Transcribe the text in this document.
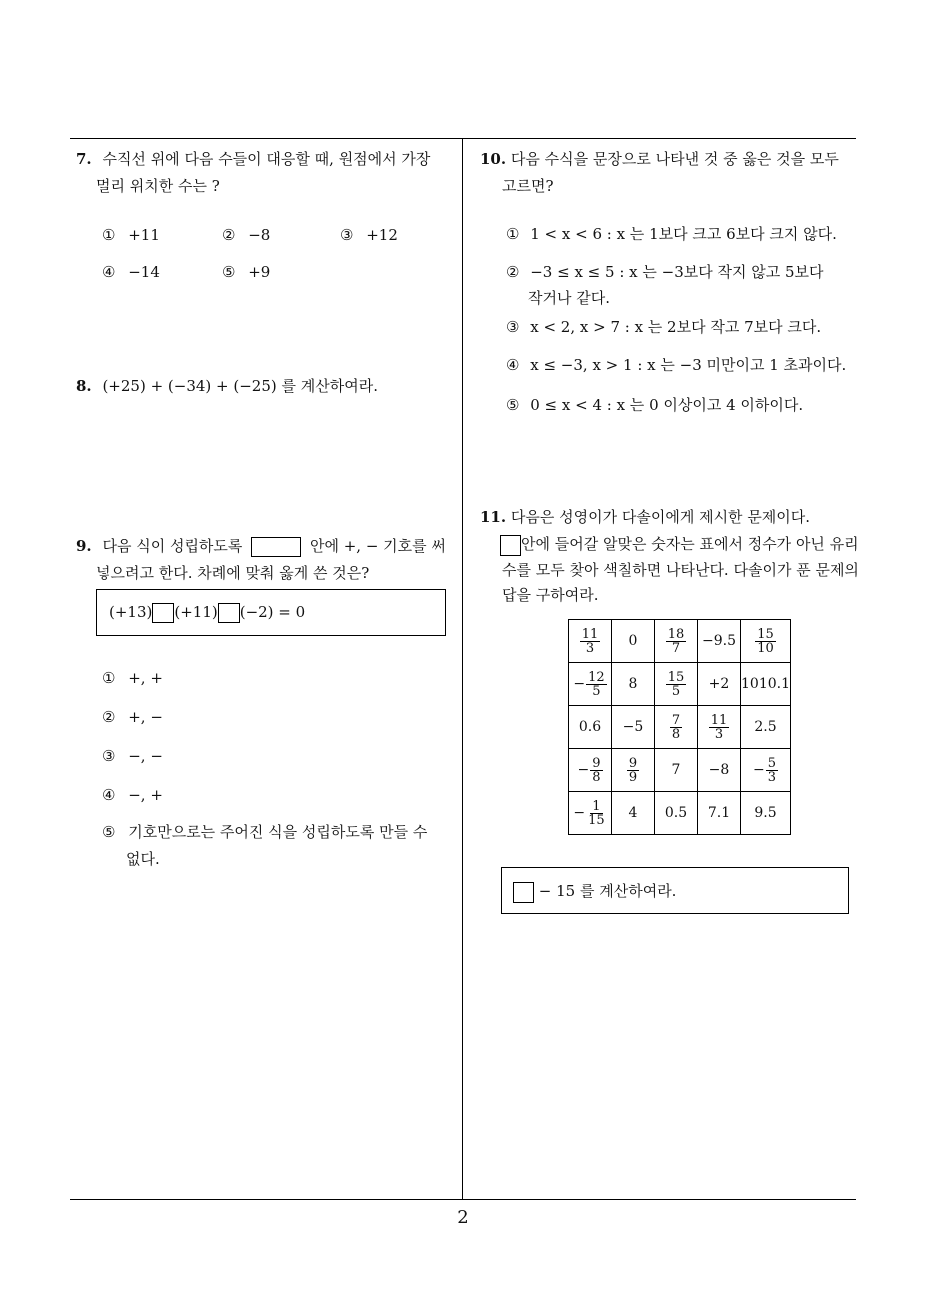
7. 수직선 위에 다음 수들이 대응할 때, 원점에서 가장
멀리 위치한 수는 ?
① +11	② −8	③ +12
④ −14	⑤ +9
8. (+25) + (−34) + (−25) 를 계산하여라.
9. 다음 식이 성립하도록	안에 +, − 기호를 써
넣으려고 한다. 차례에 맞춰 옳게 쓴 것은?
(+13) (+11) (−2) = 0
① +, +
② +, −
③ −, −
④ −, +
⑤ 기호만으로는 주어진 식을 성립하도록 만들 수
없다.
10. 다음 수식을 문장으로 나타낸 것 중 옳은 것을 모두
고르면?
① 1 < x < 6 : x 는 1보다 크고 6보다 크지 않다.
② −3 ≤ x ≤ 5 : x 는 −3보다 작지 않고 5보다
작거나 같다.
③ x < 2, x > 7 : x 는 2보다 작고 7보다 크다.
④ x ≤ −3, x > 1 : x 는 −3 미만이고 1 초과이다.
⑤ 0 ≤ x < 4 : x 는 0 이상이고 4 이하이다.
11. 다음은 성영이가 다솔이에게 제시한 문제이다.
안에 들어갈 알맞은 숫자는 표에서 정수가 아닌 유리
수를 모두 찾아 색칠하면 나타난다. 다솔이가 푼 문제의
답을 구하여라.
$\frac{11}{3}$	0	$\frac{18}{7}$	−9.5	$\frac{15}{10}$

− $\frac{12}{5}$	8	$\frac{15}{5}$	+2	1010.1
0.6	−5	$\frac{7}{8}$	$\frac{11}{3}$	2.5
− $\frac{9}{8}$	$\frac{9}{9}$	7	−8	− $\frac{5}{3}$

− $\frac{1}{15}$	4	0.5	7.1	9.5
− 15 를 계산하여라.
2
